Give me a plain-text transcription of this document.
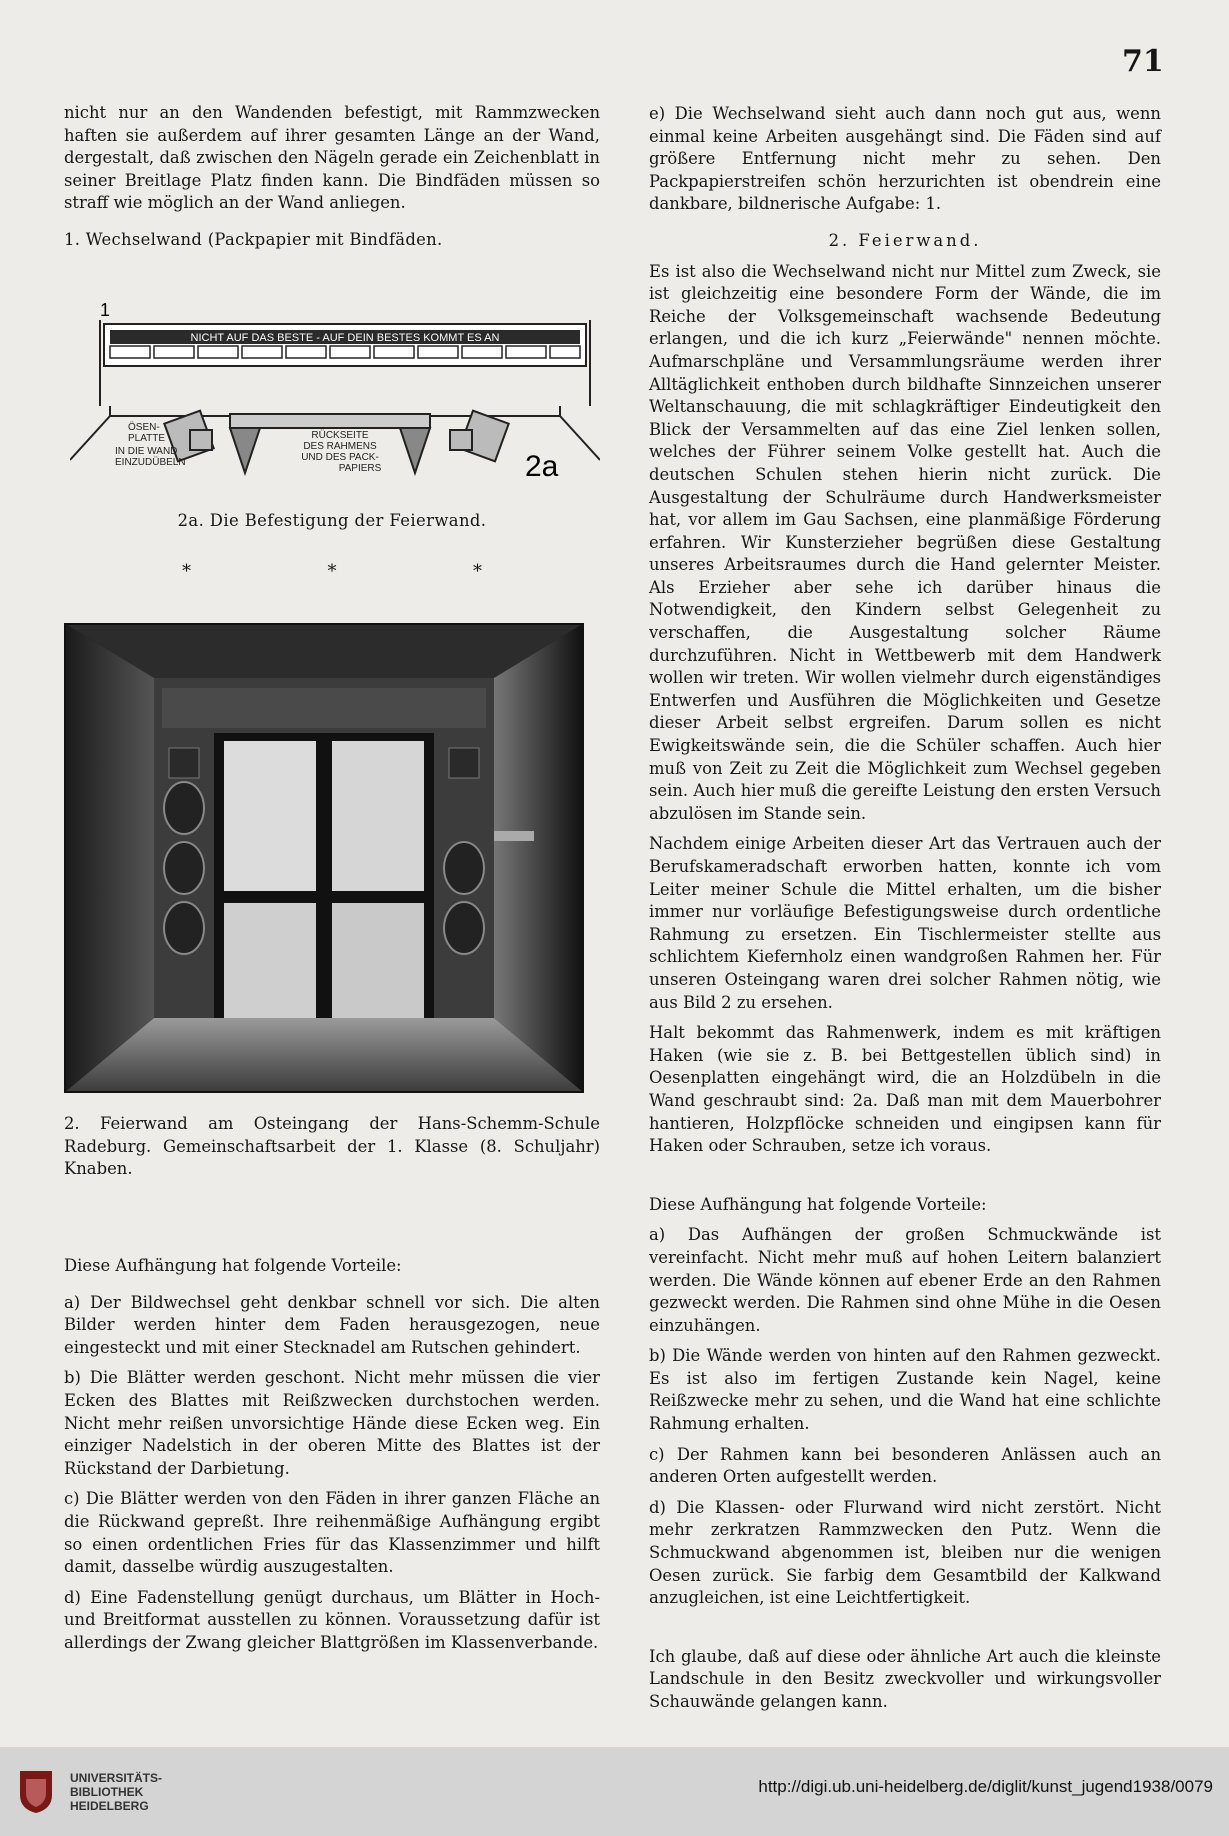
71

nicht nur an den Wandenden befestigt, mit Rammzwecken haften sie außerdem auf ihrer gesamten Länge an der Wand, dergestalt, daß zwischen den Nägeln gerade ein Zeichenblatt in seiner Breitlage Platz finden kann. Die Bindfäden müssen so straff wie möglich an der Wand anliegen.

1. Wechselwand (Packpapier mit Bindfäden.

1
NICHT AUF DAS BESTE - AUF DEIN BESTES KOMMT ES AN
ÖSEN-
PLATTE
IN DIE WAND
EINZUDÜBELN
RÜCKSEITE
DES RAHMENS
UND DES PACK-
PAPIERS	2a
2a. Die Befestigung der Feierwand.
*	*	*
2. Feierwand am Osteingang der Hans-Schemm-Schule Radeburg. Gemeinschaftsarbeit der 1. Klasse (8. Schuljahr) Knaben.

Diese Aufhängung hat folgende Vorteile:

a) Der Bildwechsel geht denkbar schnell vor sich. Die alten Bilder werden hinter dem Faden herausgezogen, neue eingesteckt und mit einer Stecknadel am Rutschen gehindert.

b) Die Blätter werden geschont. Nicht mehr müssen die vier Ecken des Blattes mit Reißzwecken durchstochen werden. Nicht mehr reißen unvorsichtige Hände diese Ecken weg. Ein einziger Nadelstich in der oberen Mitte des Blattes ist der Rückstand der Darbietung.

c) Die Blätter werden von den Fäden in ihrer ganzen Fläche an die Rückwand gepreßt. Ihre reihenmäßige Aufhängung ergibt so einen ordentlichen Fries für das Klassenzimmer und hilft damit, dasselbe würdig auszugestalten.

d) Eine Fadenstellung genügt durchaus, um Blätter in Hoch- und Breitformat ausstellen zu können. Voraussetzung dafür ist allerdings der Zwang gleicher Blattgrößen im Klassenverbande.

e) Die Wechselwand sieht auch dann noch gut aus, wenn einmal keine Arbeiten ausgehängt sind. Die Fäden sind auf größere Entfernung nicht mehr zu sehen. Den Packpapierstreifen schön herzurichten ist obendrein eine dankbare, bildnerische Aufgabe: 1.

2. Feierwand.

Es ist also die Wechselwand nicht nur Mittel zum Zweck, sie ist gleichzeitig eine besondere Form der Wände, die im Reiche der Volksgemeinschaft wachsende Bedeutung erlangen, und die ich kurz „Feierwände" nennen möchte. Aufmarschpläne und Versammlungsräume werden ihrer Alltäglichkeit enthoben durch bildhafte Sinnzeichen unserer Weltanschauung, die mit schlagkräftiger Eindeutigkeit den Blick der Versammelten auf das eine Ziel lenken sollen, welches der Führer seinem Volke gestellt hat. Auch die deutschen Schulen stehen hierin nicht zurück. Die Ausgestaltung der Schulräume durch Handwerksmeister hat, vor allem im Gau Sachsen, eine planmäßige Förderung erfahren. Wir Kunsterzieher begrüßen diese Gestaltung unseres Arbeitsraumes durch die Hand gelernter Meister. Als Erzieher aber sehe ich darüber hinaus die Notwendigkeit, den Kindern selbst Gelegenheit zu verschaffen, die Ausgestaltung solcher Räume durchzuführen. Nicht in Wettbewerb mit dem Handwerk wollen wir treten. Wir wollen vielmehr durch eigenständiges Entwerfen und Ausführen die Möglichkeiten und Gesetze dieser Arbeit selbst ergreifen. Darum sollen es nicht Ewigkeitswände sein, die die Schüler schaffen. Auch hier muß von Zeit zu Zeit die Möglichkeit zum Wechsel gegeben sein. Auch hier muß die gereifte Leistung den ersten Versuch abzulösen im Stande sein.

Nachdem einige Arbeiten dieser Art das Vertrauen auch der Berufskameradschaft erworben hatten, konnte ich vom Leiter meiner Schule die Mittel erhalten, um die bisher immer nur vorläufige Befestigungsweise durch ordentliche Rahmung zu ersetzen. Ein Tischlermeister stellte aus schlichtem Kiefernholz einen wandgroßen Rahmen her. Für unseren Osteingang waren drei solcher Rahmen nötig, wie aus Bild 2 zu ersehen.

Halt bekommt das Rahmenwerk, indem es mit kräftigen Haken (wie sie z. B. bei Bettgestellen üblich sind) in Oesenplatten eingehängt wird, die an Holzdübeln in die Wand geschraubt sind: 2a. Daß man mit dem Mauerbohrer hantieren, Holzpflöcke schneiden und eingipsen kann für Haken oder Schrauben, setze ich voraus.

Diese Aufhängung hat folgende Vorteile:

a) Das Aufhängen der großen Schmuckwände ist vereinfacht. Nicht mehr muß auf hohen Leitern balanziert werden. Die Wände können auf ebener Erde an den Rahmen gezweckt werden. Die Rahmen sind ohne Mühe in die Oesen einzuhängen.

b) Die Wände werden von hinten auf den Rahmen gezweckt. Es ist also im fertigen Zustande kein Nagel, keine Reißzwecke mehr zu sehen, und die Wand hat eine schlichte Rahmung erhalten.

c) Der Rahmen kann bei besonderen Anlässen auch an anderen Orten aufgestellt werden.

d) Die Klassen- oder Flurwand wird nicht zerstört. Nicht mehr zerkratzen Rammzwecken den Putz. Wenn die Schmuckwand abgenommen ist, bleiben nur die wenigen Oesen zurück. Sie farbig dem Gesamtbild der Kalkwand anzugleichen, ist eine Leichtfertigkeit.

Ich glaube, daß auf diese oder ähnliche Art auch die kleinste Landschule in den Besitz zweckvoller und wirkungsvoller Schauwände gelangen kann.

UNIVERSITÄTS-
BIBLIOTHEK
HEIDELBERG
http://digi.ub.uni-heidelberg.de/diglit/kunst_jugend1938/0079
